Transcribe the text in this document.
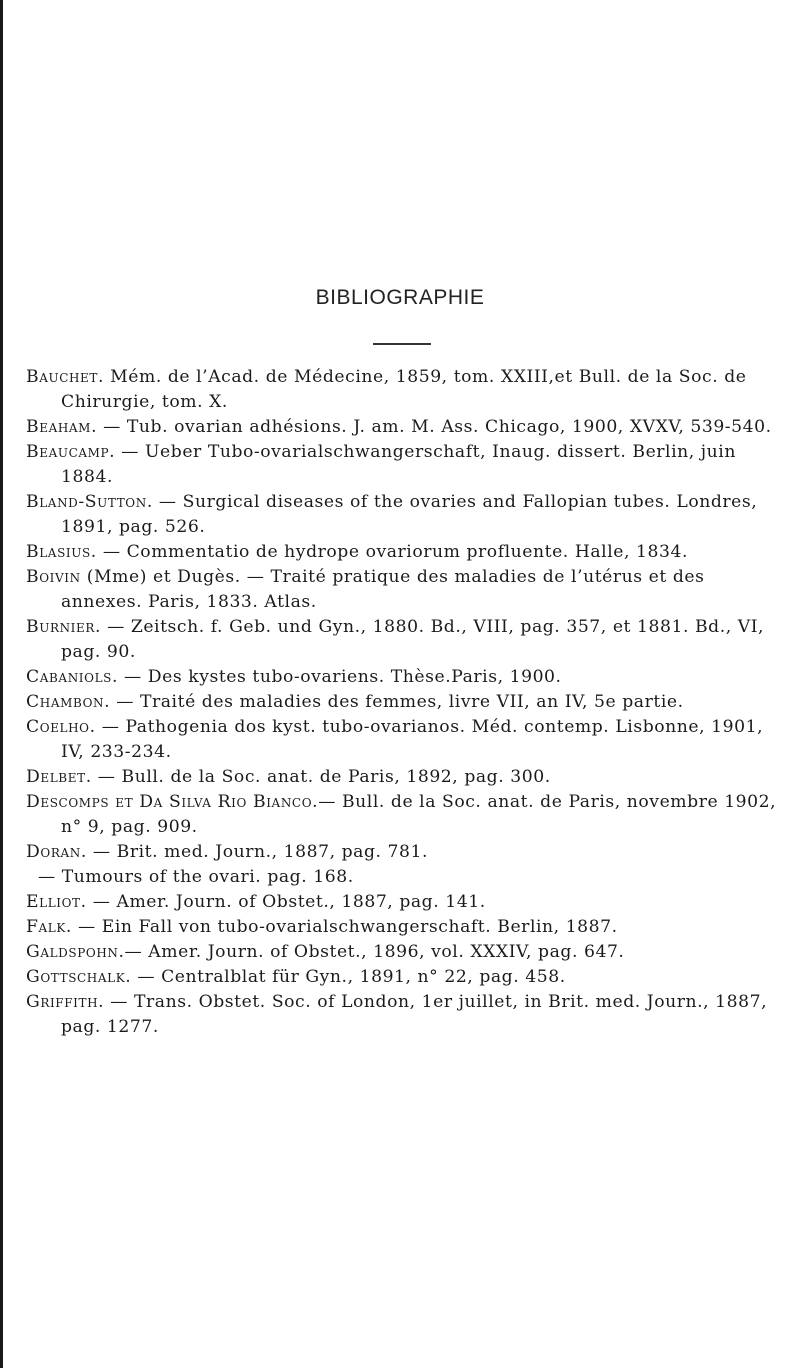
BIBLIOGRAPHIE
Bauchet. Mém. de l’Acad. de Médecine, 1859, tom. XXIII,et Bull. de la Soc. de Chirurgie, tom. X.
Beaham. — Tub. ovarian adhésions. J. am. M. Ass. Chicago, 1900, XVXV, 539-540.
Beaucamp. — Ueber Tubo-ovarialschwangerschaft, Inaug. dissert. Berlin, juin 1884.
Bland-Sutton. — Surgical diseases of the ovaries and Fallopian tubes. Londres, 1891, pag. 526.
Blasius. — Commentatio de hydrope ovariorum profluente. Halle, 1834.
Boivin (Mme) et Dugès. — Traité pratique des maladies de l’utérus et des annexes. Paris, 1833. Atlas.
Burnier. — Zeitsch. f. Geb. und Gyn., 1880. Bd., VIII, pag. 357, et 1881. Bd., VI, pag. 90.
Cabaniols. — Des kystes tubo-ovariens. Thèse.Paris, 1900.
Chambon. — Traité des maladies des femmes, livre VII, an IV, 5e partie.
Coelho. — Pathogenia dos kyst. tubo-ovarianos. Méd. contemp. Lisbonne, 1901, IV, 233-234.
Delbet. — Bull. de la Soc. anat. de Paris, 1892, pag. 300.
Descomps et Da Silva Rio Bianco.— Bull. de la Soc. anat. de Paris, novembre 1902, n° 9, pag. 909.
Doran. — Brit. med. Journ., 1887, pag. 781.
— Tumours of the ovari. pag. 168.
Elliot. — Amer. Journ. of Obstet., 1887, pag. 141.
Falk. — Ein Fall von tubo-ovarialschwangerschaft. Berlin, 1887.
Galdspohn.— Amer. Journ. of Obstet., 1896, vol. XXXIV, pag. 647.
Gottschalk. — Centralblat für Gyn., 1891, n° 22, pag. 458.
Griffith. — Trans. Obstet. Soc. of London, 1er juillet, in Brit. med. Journ., 1887, pag. 1277.
